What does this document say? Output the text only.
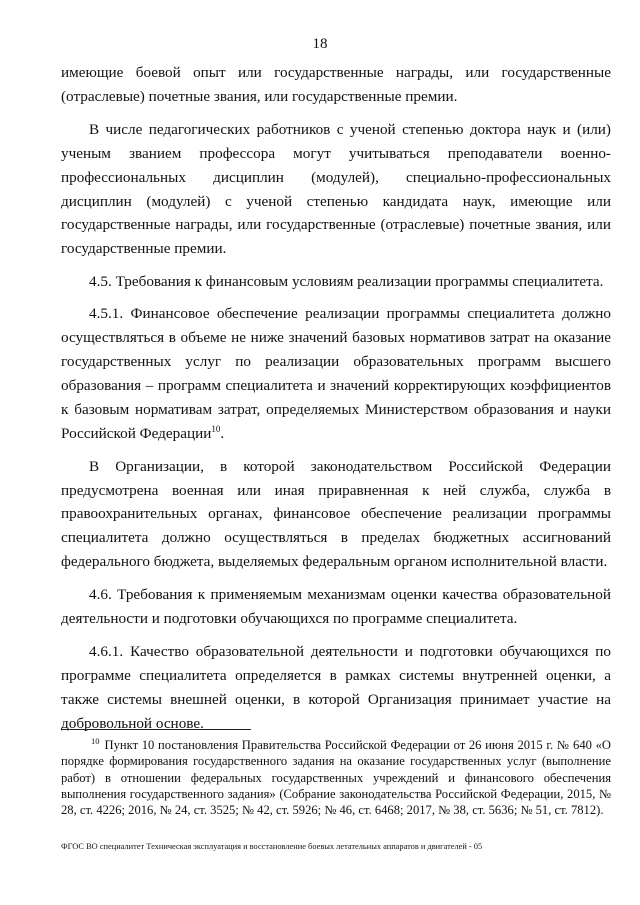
18

имеющие боевой опыт или государственные награды, или государственные (отраслевые) почетные звания, или государственные премии.

В числе педагогических работников с ученой степенью доктора наук и (или) ученым званием профессора могут учитываться преподаватели военно-профессиональных дисциплин (модулей), специально-профессиональных дисциплин (модулей) с ученой степенью кандидата наук, имеющие или государственные награды, или государственные (отраслевые) почетные звания, или государственные премии.

4.5. Требования к финансовым условиям реализации программы специалитета.

4.5.1. Финансовое обеспечение реализации программы специалитета должно осуществляться в объеме не ниже значений базовых нормативов затрат на оказание государственных услуг по реализации образовательных программ высшего образования – программ специалитета и значений корректирующих коэффициентов к базовым нормативам затрат, определяемых Министерством образования и науки Российской Федерации$^{10}$.

В Организации, в которой законодательством Российской Федерации предусмотрена военная или иная приравненная к ней служба, служба в правоохранительных органах, финансовое обеспечение реализации программы специалитета должно осуществляться в пределах бюджетных ассигнований федерального бюджета, выделяемых федеральным органом исполнительной власти.

4.6. Требования к применяемым механизмам оценки качества образовательной деятельности и подготовки обучающихся по программе специалитета.

4.6.1. Качество образовательной деятельности и подготовки обучающихся по программе специалитета определяется в рамках системы внутренней оценки, а также системы внешней оценки, в которой Организация принимает участие на добровольной основе.

$^{10}$ Пункт 10 постановления Правительства Российской Федерации от 26 июня 2015 г. № 640 «О порядке формирования государственного задания на оказание государственных услуг (выполнение работ) в отношении федеральных государственных учреждений и финансового обеспечения выполнения государственного задания» (Собрание законодательства Российской Федерации, 2015, № 28, ст. 4226; 2016, № 24, ст. 3525; № 42, ст. 5926; № 46, ст. 6468; 2017, № 38, ст. 5636; № 51, ст. 7812).

ФГОС ВО специалитет Техническая эксплуатация и восстановление боевых летательных аппаратов и двигателей - 05
